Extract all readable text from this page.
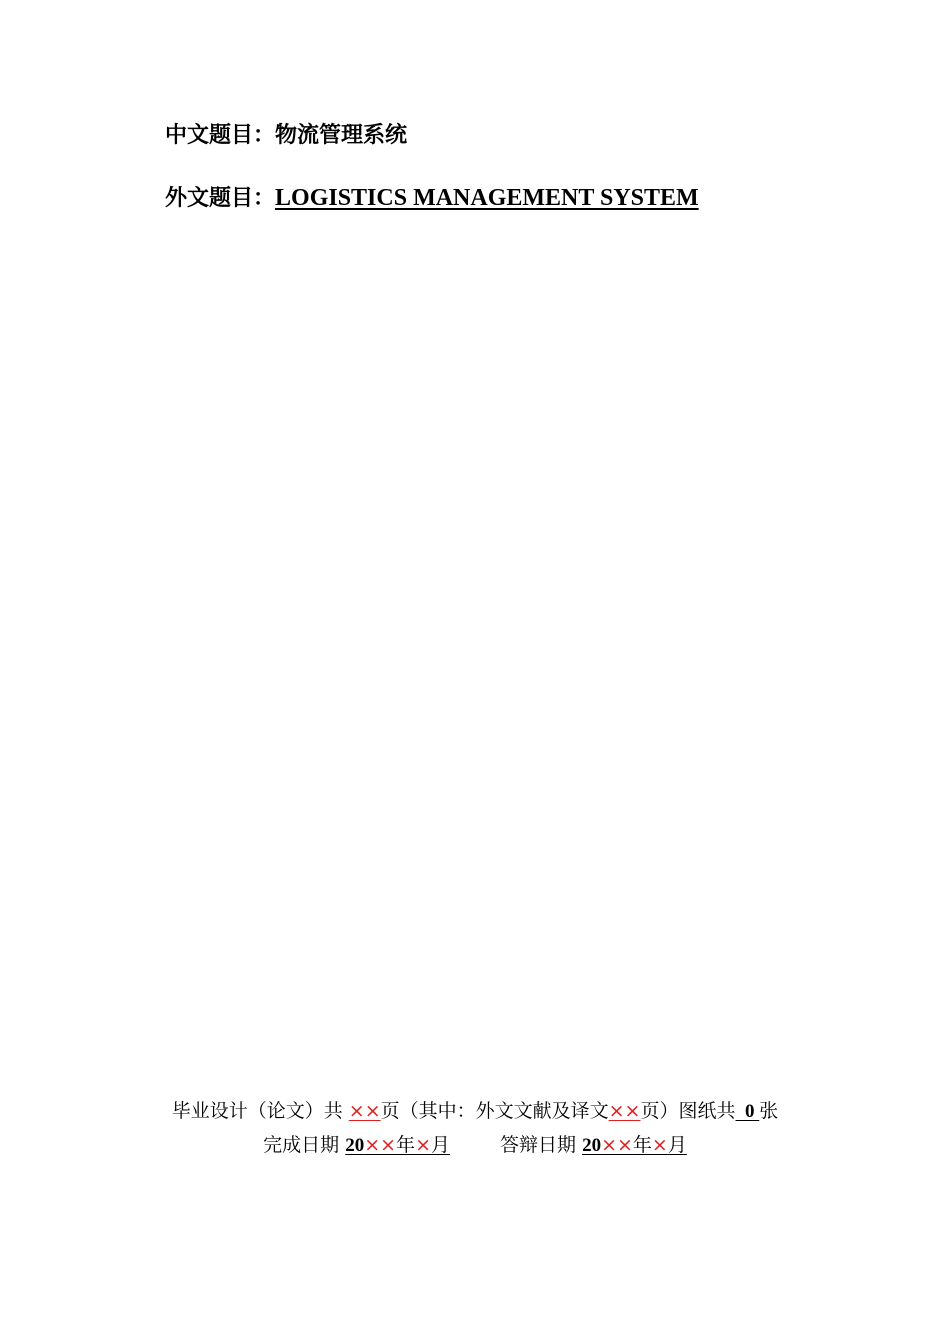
中文题目：物流管理系统
外文题目：LOGISTICS MANAGEMENT SYSTEM
毕业设计（论文）共 ××页（其中：外文文献及译文××页）图纸共 0 张
完成日期 20××年×月	答辩日期 20××年×月
